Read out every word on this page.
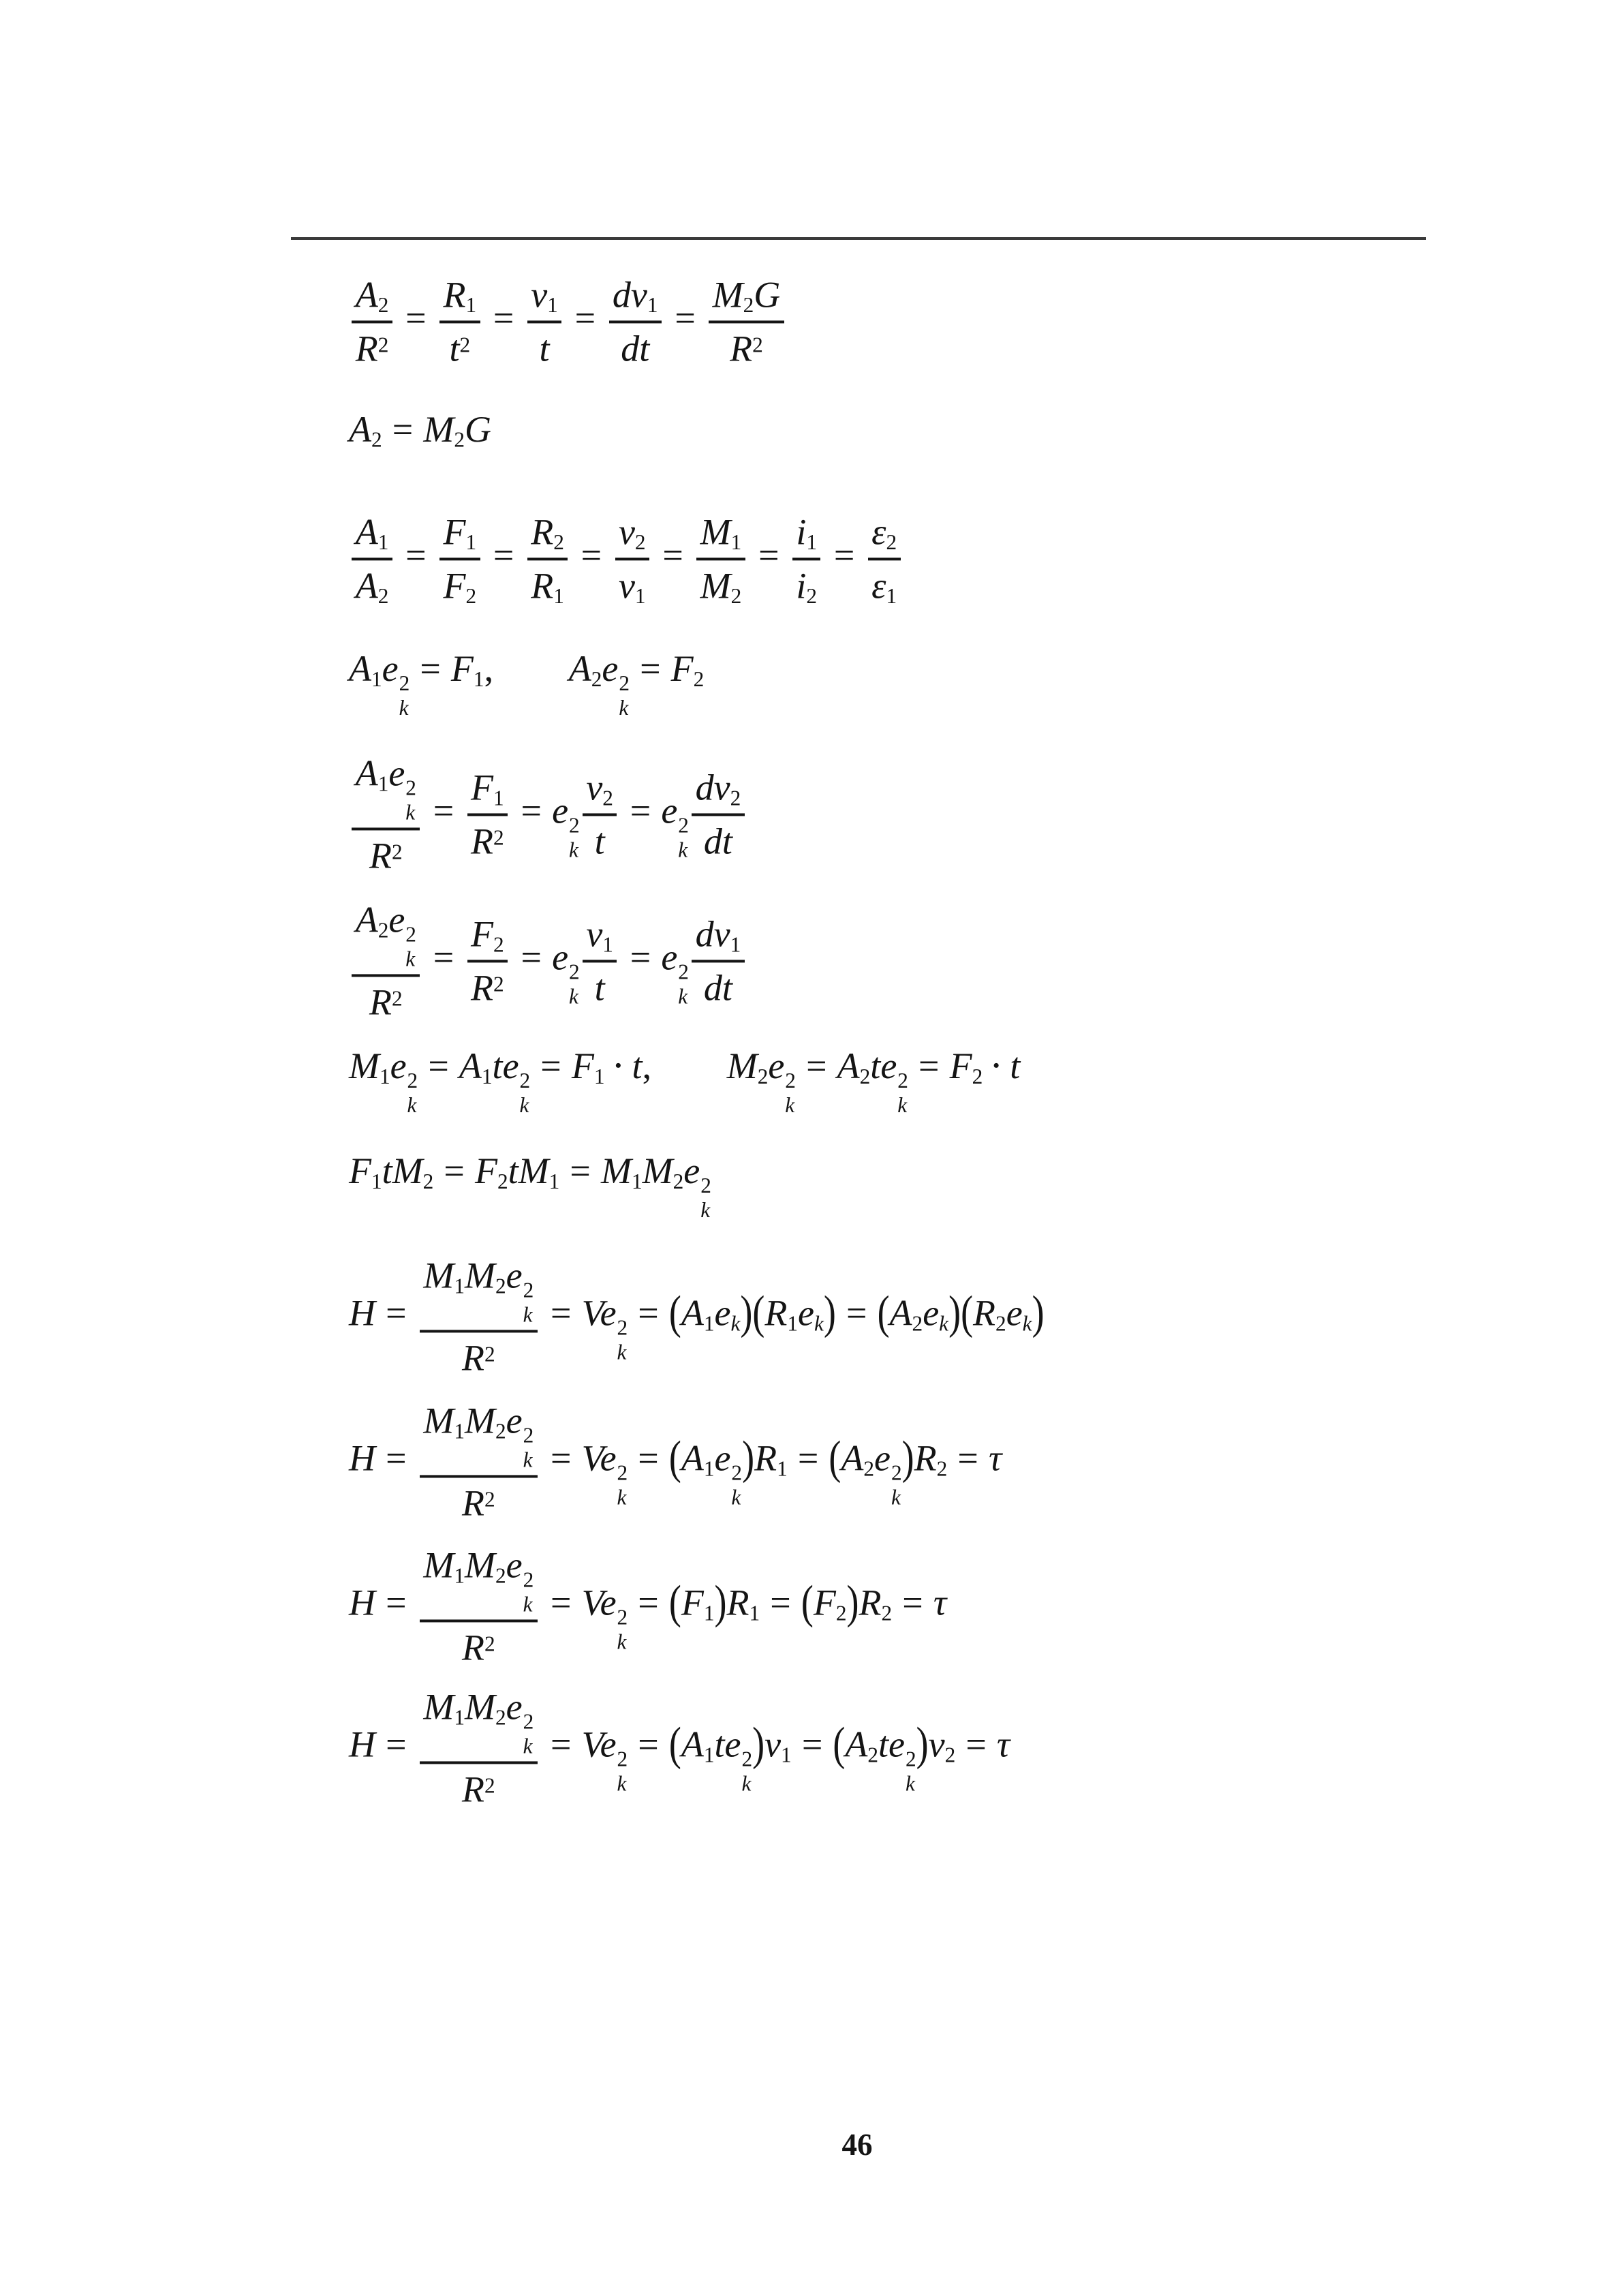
$\frac{A_2}{R^2} = \frac{R_1}{t^2} = \frac{v_1}{t} = \frac{dv_1}{dt} = \frac{M_2G}{R^2}$
$A_2 = M_2G$
$\frac{A_1}{A_2} = \frac{F_1}{F_2} = \frac{R_2}{R_1} = \frac{v_2}{v_1} = \frac{M_1}{M_2} = \frac{i_1}{i_2} = \frac{\varepsilon_2}{\varepsilon_1}$
$A_1e$ 2
k
= $F_1$, $A_2e$ 2
k
= $F_2$
$A_1e$ 2
k
$R^2 = \frac{F_1}{R^2} = e$ 2
k $\frac{v_2}{t} = e$ 2
k $\frac{dv_2}{dt}$
$A_2e$ 2
k
$R^2 = \frac{F_2}{R^2} = e$ 2
k $\frac{v_1}{t} = e$ 2
k $\frac{dv_1}{dt}$
$M_1e$ 2
k
= $A_1te$ 2
k
= $F_1 \cdot t$, $M_2e$ 2
k
= $A_2te$ 2
k
= $F_2 \cdot t$
$F_1tM_2 = F_2tM_1 = M_1M_2e$ 2
k
$H = M_1M_2e$ 2
k
$R^2 = Ve$ 2
k
= $(A_1e_k)(R_1e_k) = (A_2e_k)(R_2e_k)$
$H = M_1M_2e$ 2
k
$R^2 = Ve$ 2
k
= ($A_1e$ 2
k
)$R_1 = (A_2e$ 2
k
)$R_2 = \tau$
$H = M_1M_2e$ 2
k
$R^2 = Ve$ 2
k
= $(F_1)R_1 = (F_2)R_2 = \tau$
$H = M_1M_2e$ 2
k
$R^2 = Ve$ 2
k
= ($A_1te$ 2
k
)$v_1 = (A_2te$ 2
k
)$v_2 = \tau$
46
